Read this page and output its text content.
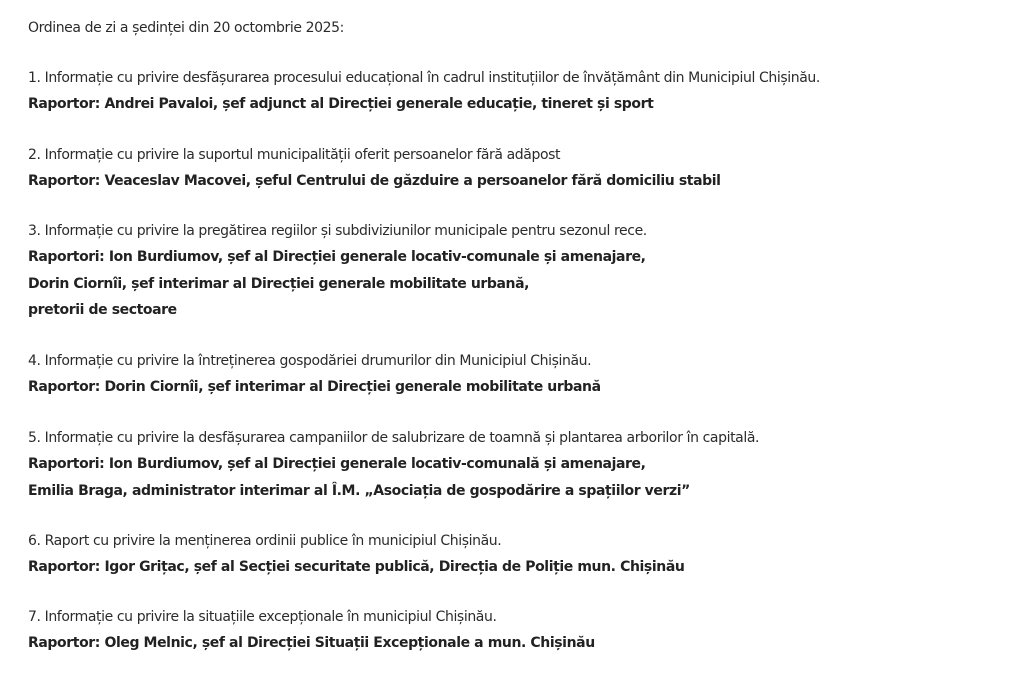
Ordinea de zi a ședinței din 20 octombrie 2025:
1. Informație cu privire desfășurarea procesului educațional în cadrul instituțiilor de învățământ din Municipiul Chișinău.
Raportor: Andrei Pavaloi, șef adjunct al Direcției generale educație, tineret și sport
2. Informație cu privire la suportul municipalității oferit persoanelor fără adăpost
Raportor: Veaceslav Macovei, șeful Centrului de găzduire a persoanelor fără domiciliu stabil
3. Informație cu privire la pregătirea regiilor și subdiviziunilor municipale pentru sezonul rece.
Raportori: Ion Burdiumov, șef al Direcției generale locativ-comunale și amenajare,
Dorin Ciornîi, șef interimar al Direcției generale mobilitate urbană,
pretorii de sectoare
4. Informație cu privire la întreținerea gospodăriei drumurilor din Municipiul Chișinău.
Raportor: Dorin Ciornîi, șef interimar al Direcției generale mobilitate urbană
5. Informație cu privire la desfășurarea campaniilor de salubrizare de toamnă și plantarea arborilor în capitală.
Raportori: Ion Burdiumov, șef al Direcției generale locativ-comunală și amenajare,
Emilia Braga, administrator interimar al Î.M. „Asociația de gospodărire a spațiilor verzi”
6. Raport cu privire la menținerea ordinii publice în municipiul Chișinău.
Raportor: Igor Grițac, șef al Secției securitate publică, Direcția de Poliție mun. Chișinău
7. Informație cu privire la situațiile excepționale în municipiul Chișinău.
Raportor: Oleg Melnic, șef al Direcției Situații Excepționale a mun. Chișinău
